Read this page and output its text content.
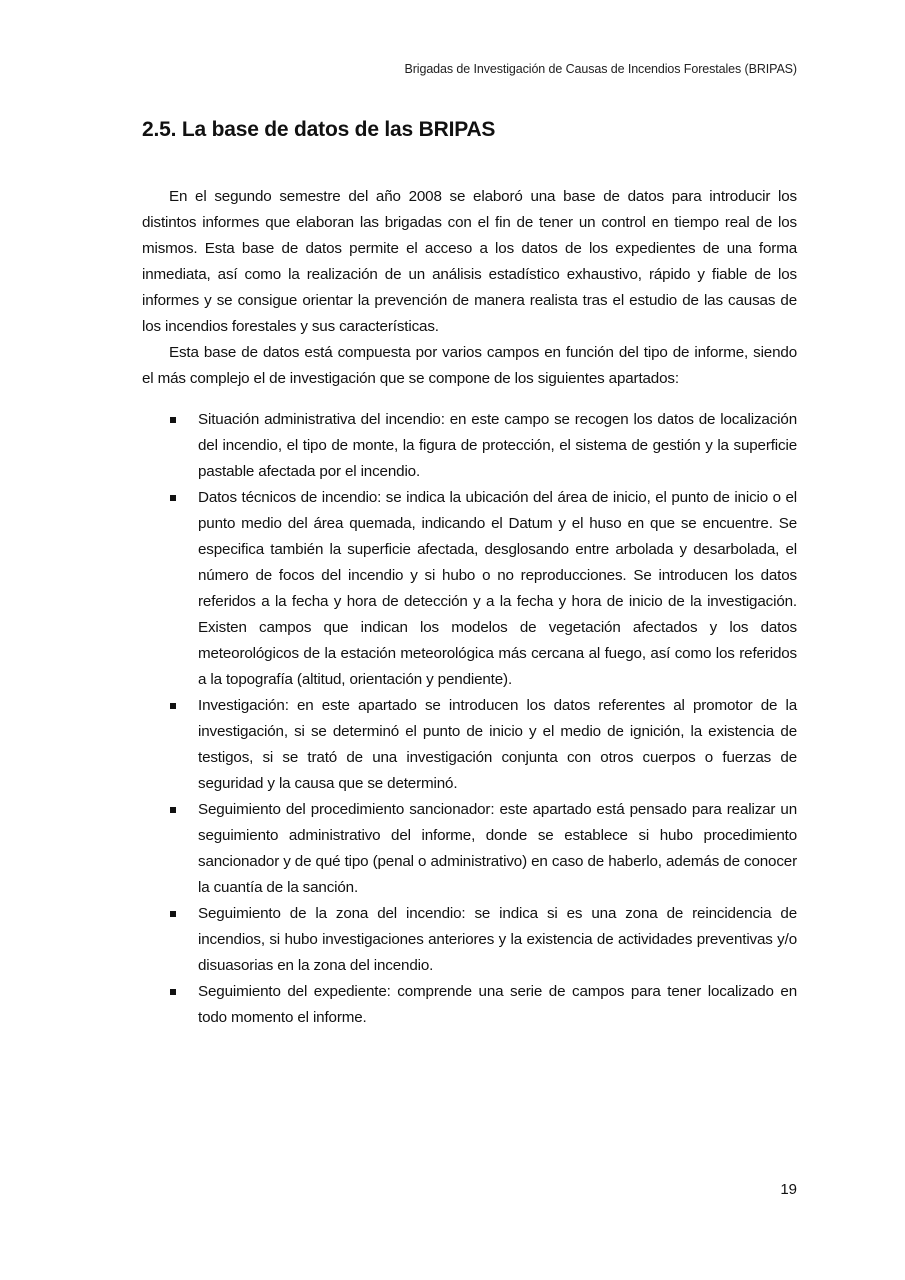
Brigadas de Investigación de Causas de Incendios Forestales (BRIPAS)
2.5. La base de datos de las BRIPAS

En el segundo semestre del año 2008 se elaboró una base de datos para introducir los distintos informes que elaboran las brigadas con el fin de tener un control en tiempo real de los mismos. Esta base de datos permite el acceso a los datos de los expedientes de una forma inmediata, así como la realización de un análisis estadístico exhaustivo, rápido y fiable de los informes y se consigue orientar la prevención de manera realista tras el estudio de las causas de los incendios forestales y sus características.

Esta base de datos está compuesta por varios campos en función del tipo de informe, siendo el más complejo el de investigación que se compone de los siguientes apartados:

Situación administrativa del incendio: en este campo se recogen los datos de localización del incendio, el tipo de monte, la figura de protección, el sistema de gestión y la superficie pastable afectada por el incendio.
Datos técnicos de incendio: se indica la ubicación del área de inicio, el punto de inicio o el punto medio del área quemada, indicando el Datum y el huso en que se encuentre. Se especifica también la superficie afectada, desglosando entre arbolada y desarbolada, el número de focos del incendio y si hubo o no reproducciones. Se introducen los datos referidos a la fecha y hora de detección y a la fecha y hora de inicio de la investigación. Existen campos que indican los modelos de vegetación afectados y los datos meteorológicos de la estación meteorológica más cercana al fuego, así como los referidos a la topografía (altitud, orientación y pendiente).
Investigación: en este apartado se introducen los datos referentes al promotor de la investigación, si se determinó el punto de inicio y el medio de ignición, la existencia de testigos, si se trató de una investigación conjunta con otros cuerpos o fuerzas de seguridad y la causa que se determinó.
Seguimiento del procedimiento sancionador: este apartado está pensado para realizar un seguimiento administrativo del informe, donde se establece si hubo procedimiento sancionador y de qué tipo (penal o administrativo) en caso de haberlo, además de conocer la cuantía de la sanción.
Seguimiento de la zona del incendio: se indica si es una zona de reincidencia de incendios, si hubo investigaciones anteriores y la existencia de actividades preventivas y/o disuasorias en la zona del incendio.
Seguimiento del expediente: comprende una serie de campos para tener localizado en todo momento el informe.
19
